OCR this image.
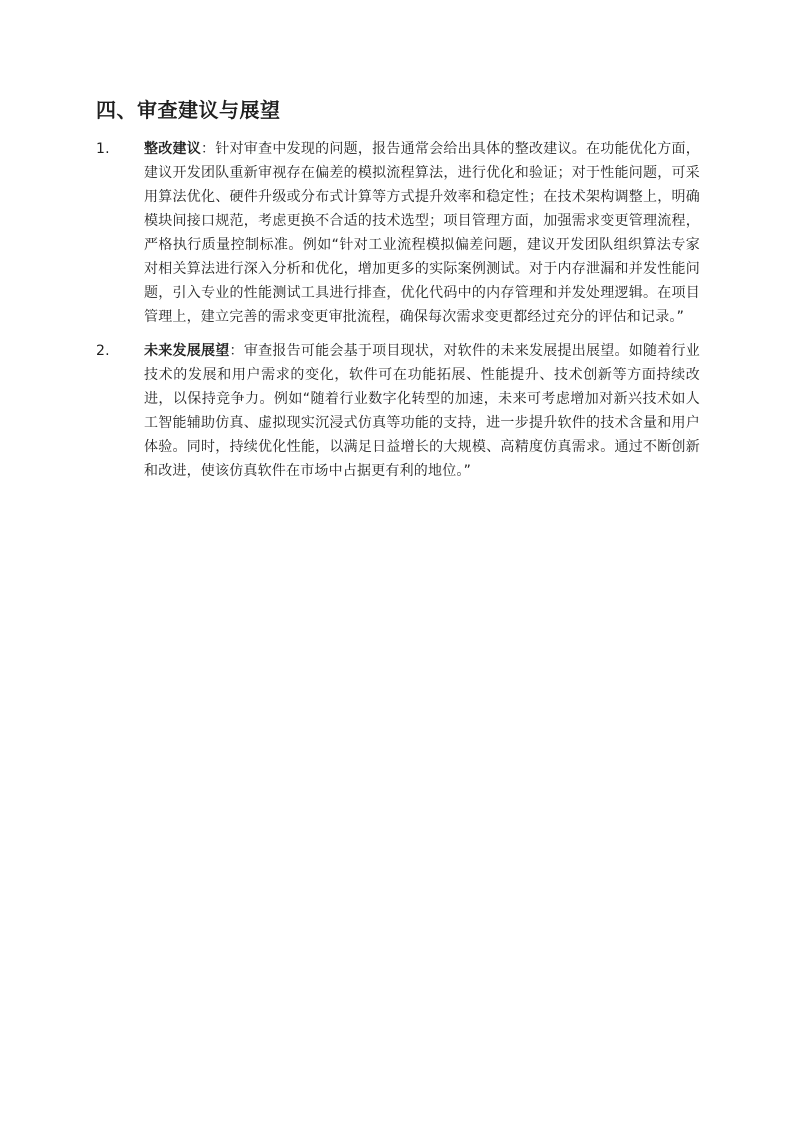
四、审查建议与展望
1.	整改建议：针对审查中发现的问题，报告通常会给出具体的整改建议。在功能优化方面，建议开发团队重新审视存在偏差的模拟流程算法，进行优化和验证；对于性能问题，可采用算法优化、硬件升级或分布式计算等方式提升效率和稳定性；在技术架构调整上，明确模块间接口规范，考虑更换不合适的技术选型；项目管理方面，加强需求变更管理流程，严格执行质量控制标准。例如“针对工业流程模拟偏差问题，建议开发团队组织算法专家对相关算法进行深入分析和优化，增加更多的实际案例测试。对于内存泄漏和并发性能问题，引入专业的性能测试工具进行排查，优化代码中的内存管理和并发处理逻辑。在项目管理上，建立完善的需求变更审批流程，确保每次需求变更都经过充分的评估和记录。”
2.	未来发展展望：审查报告可能会基于项目现状，对软件的未来发展提出展望。如随着行业技术的发展和用户需求的变化，软件可在功能拓展、性能提升、技术创新等方面持续改进，以保持竞争力。例如“随着行业数字化转型的加速，未来可考虑增加对新兴技术如人工智能辅助仿真、虚拟现实沉浸式仿真等功能的支持，进一步提升软件的技术含量和用户体验。同时，持续优化性能，以满足日益增长的大规模、高精度仿真需求。通过不断创新和改进，使该仿真软件在市场中占据更有利的地位。”
